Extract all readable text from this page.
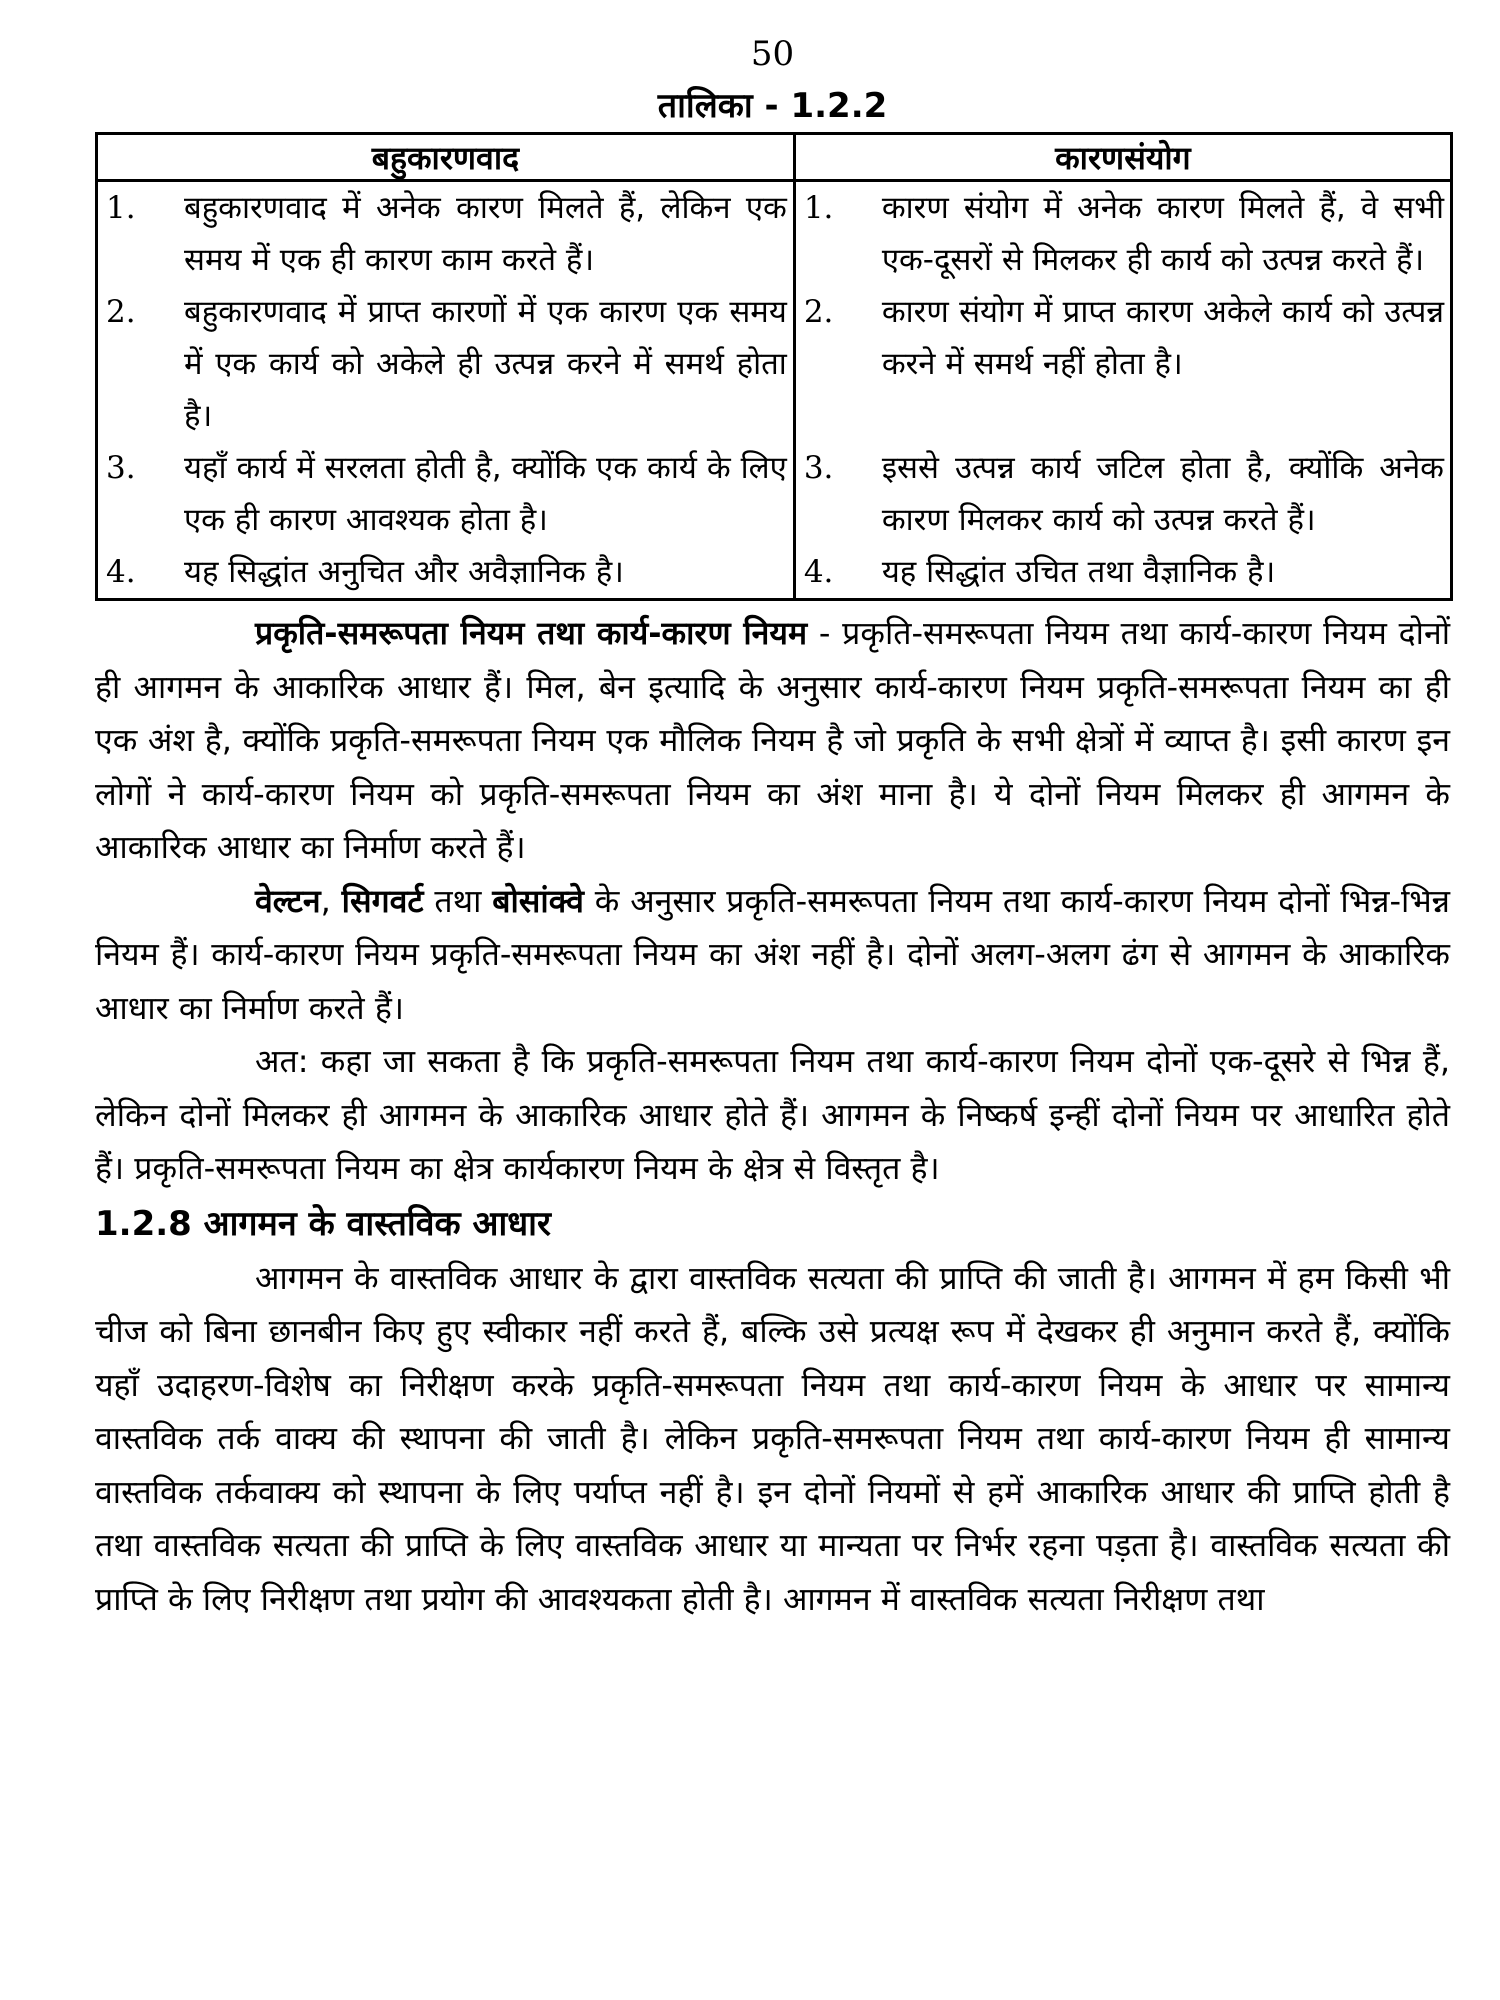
50
तालिका - 1.2.2
बहुकारणवाद	कारणसंयोग

1. बहुकारणवाद में अनेक कारण मिलते हैं, लेकिन एक समय में एक ही कारण काम करते हैं।	1. कारण संयोग में अनेक कारण मिलते हैं, वे सभी एक-दूसरों से मिलकर ही कार्य को उत्पन्न करते हैं।

2. बहुकारणवाद में प्राप्त कारणों में एक कारण एक समय में एक कार्य को अकेले ही उत्पन्न करने में समर्थ होता है।	2. कारण संयोग में प्राप्त कारण अकेले कार्य को उत्पन्न करने में समर्थ नहीं होता है।

3. यहाँ कार्य में सरलता होती है, क्योंकि एक कार्य के लिए एक ही कारण आवश्यक होता है।	3. इससे उत्पन्न कार्य जटिल होता है, क्योंकि अनेक कारण मिलकर कार्य को उत्पन्न करते हैं।

4. यह सिद्धांत अनुचित और अवैज्ञानिक है।	4. यह सिद्धांत उचित तथा वैज्ञानिक है।

प्रकृति-समरूपता नियम तथा कार्य-कारण नियम - प्रकृति-समरूपता नियम तथा कार्य-कारण नियम दोनों ही आगमन के आकारिक आधार हैं। मिल, बेन इत्यादि के अनुसार कार्य-कारण नियम प्रकृति-समरूपता नियम का ही एक अंश है, क्योंकि प्रकृति-समरूपता नियम एक मौलिक नियम है जो प्रकृति के सभी क्षेत्रों में व्याप्त है। इसी कारण इन लोगों ने कार्य-कारण नियम को प्रकृति-समरूपता नियम का अंश माना है। ये दोनों नियम मिलकर ही आगमन के आकारिक आधार का निर्माण करते हैं।

वेल्टन, सिगवर्ट तथा बोसांक्वे के अनुसार प्रकृति-समरूपता नियम तथा कार्य-कारण नियम दोनों भिन्न-भिन्न नियम हैं। कार्य-कारण नियम प्रकृति-समरूपता नियम का अंश नहीं है। दोनों अलग-अलग ढंग से आगमन के आकारिक आधार का निर्माण करते हैं।

अत: कहा जा सकता है कि प्रकृति-समरूपता नियम तथा कार्य-कारण नियम दोनों एक-दूसरे से भिन्न हैं, लेकिन दोनों मिलकर ही आगमन के आकारिक आधार होते हैं। आगमन के निष्कर्ष इन्हीं दोनों नियम पर आधारित होते हैं। प्रकृति-समरूपता नियम का क्षेत्र कार्यकारण नियम के क्षेत्र से विस्तृत है।

1.2.8 आगमन के वास्तविक आधार

आगमन के वास्तविक आधार के द्वारा वास्तविक सत्यता की प्राप्ति की जाती है। आगमन में हम किसी भी चीज को बिना छानबीन किए हुए स्वीकार नहीं करते हैं, बल्कि उसे प्रत्यक्ष रूप में देखकर ही अनुमान करते हैं, क्योंकि यहाँ उदाहरण-विशेष का निरीक्षण करके प्रकृति-समरूपता नियम तथा कार्य-कारण नियम के आधार पर सामान्य वास्तविक तर्क वाक्य की स्थापना की जाती है। लेकिन प्रकृति-समरूपता नियम तथा कार्य-कारण नियम ही सामान्य वास्तविक तर्कवाक्य को स्थापना के लिए पर्याप्त नहीं है। इन दोनों नियमों से हमें आकारिक आधार की प्राप्ति होती है तथा वास्तविक सत्यता की प्राप्ति के लिए वास्तविक आधार या मान्यता पर निर्भर रहना पड़ता है। वास्तविक सत्यता की प्राप्ति के लिए निरीक्षण तथा प्रयोग की आवश्यकता होती है। आगमन में वास्तविक सत्यता निरीक्षण तथा
